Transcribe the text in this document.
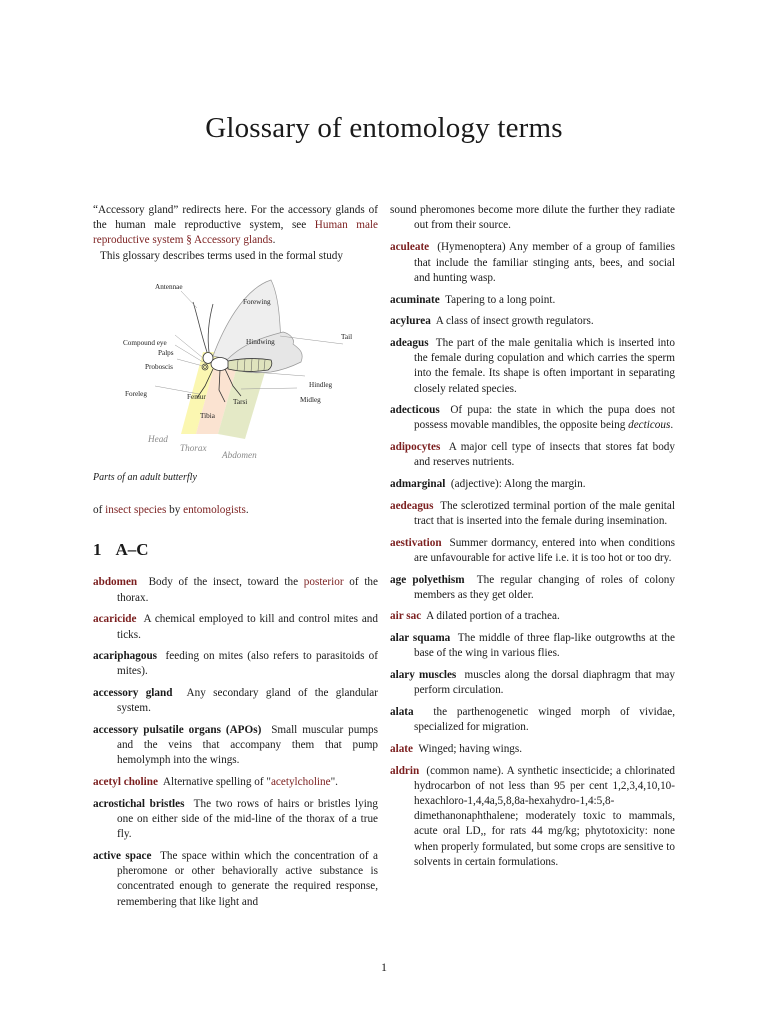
Glossary of entomology terms

“Accessory gland” redirects here. For the accessory glands of the human male reproductive system, see Human male reproductive system § Accessory glands.

This glossary describes terms used in the formal study

Antennae
Forewing
Tail
Compound eye
Palps
Hindwing
Proboscis
Hindleg
Foreleg	Femur
Tarsi	Midleg
Tibia
Head
Thorax
Abdomen
Parts of an adult butterfly

of insect species by entomologists.

1 A–C

abdomen Body of the insect, toward the posterior of the thorax.

acaricide A chemical employed to kill and control mites and ticks.

acariphagous feeding on mites (also refers to parasitoids of mites).

accessory gland Any secondary gland of the glandular system.

accessory pulsatile organs (APOs) Small muscular pumps and the veins that accompany them that pump hemolymph into the wings.

acetyl choline Alternative spelling of "acetylcholine".

acrostichal bristles The two rows of hairs or bristles lying one on either side of the mid-line of the thorax of a true fly.

active space The space within which the concentration of a pheromone or other behaviorally active substance is concentrated enough to generate the required response, remembering that like light and

sound pheromones become more dilute the further they radiate out from their source.

aculeate (Hymenoptera) Any member of a group of families that include the familiar stinging ants, bees, and social and hunting wasp.

acuminate Tapering to a long point.

acylurea A class of insect growth regulators.

adeagus The part of the male genitalia which is inserted into the female during copulation and which carries the sperm into the female. Its shape is often important in separating closely related species.

adecticous Of pupa: the state in which the pupa does not possess movable mandibles, the opposite being decticous.

adipocytes A major cell type of insects that stores fat body and reserves nutrients.

admarginal (adjective): Along the margin.

aedeagus The sclerotized terminal portion of the male genital tract that is inserted into the female during insemination.

aestivation Summer dormancy, entered into when conditions are unfavourable for active life i.e. it is too hot or too dry.

age polyethism The regular changing of roles of colony members as they get older.

air sac A dilated portion of a trachea.

alar squama The middle of three flap-like outgrowths at the base of the wing in various flies.

alary muscles muscles along the dorsal diaphragm that may perform circulation.

alata the parthenogenetic winged morph of vividae, specialized for migration.

alate Winged; having wings.

aldrin (common name). A synthetic insecticide; a chlorinated hydrocarbon of not less than 95 per cent 1,2,3,4,10,10-hexachloro-1,4,4a,5,8,8a-hexahydro-1,4:5,8-dimethanonaphthalene; moderately toxic to mammals, acute oral LD,, for rats 44 mg/kg; phytotoxicity: none when properly formulated, but some crops are sensitive to solvents in certain formulations.

1
